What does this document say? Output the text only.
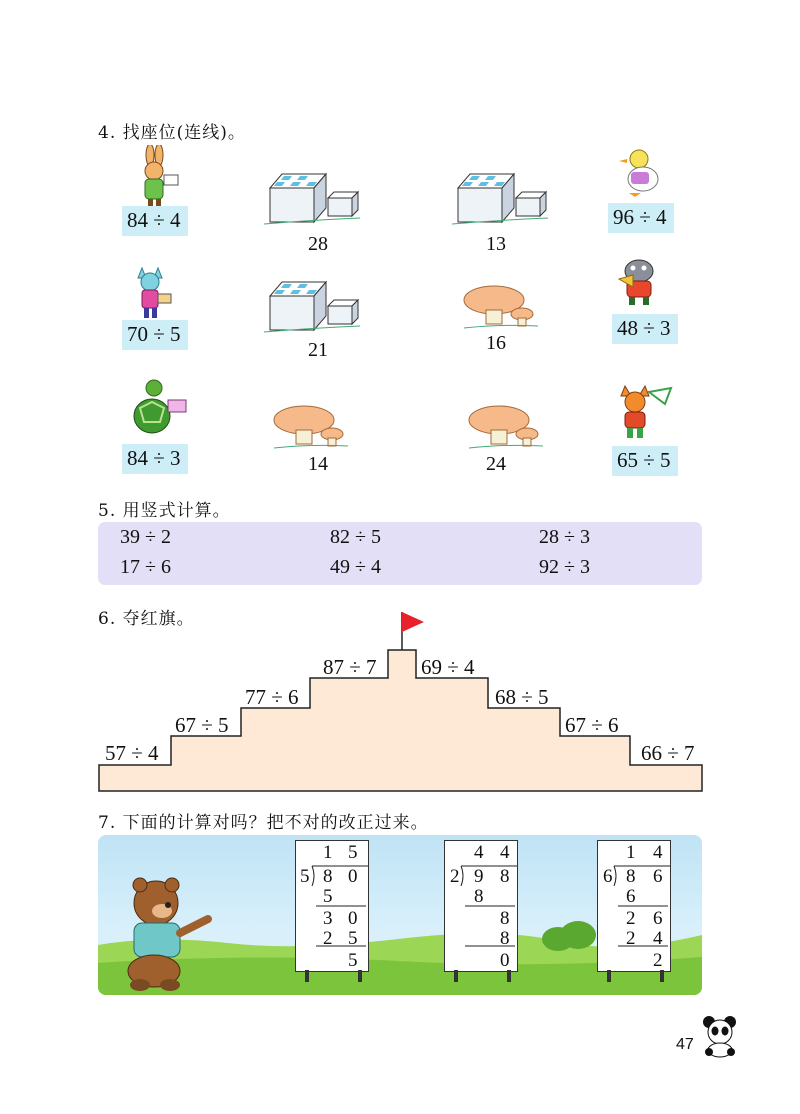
4. 找座位(连线)。
84 ÷ 4
28	13
96 ÷ 4
70 ÷ 5
21	16
48 ÷ 3
84 ÷ 3	14	24	65 ÷ 5
5. 用竖式计算。
39 ÷ 2	82 ÷ 5	28 ÷ 3
17 ÷ 6	49 ÷ 4	92 ÷ 3
6. 夺红旗。
57 ÷ 4
67 ÷ 5
77 ÷ 6
87 ÷ 7 69 ÷ 4
68 ÷ 5
67 ÷ 6
66 ÷ 7
7. 下面的计算对吗？把不对的改正过来。
1 5
5 8 0
5
3 0
2 5
5
4 4
2 9 8
8
8
8
0
1 4
6 8 6
6
2 6
2 4
2
47
